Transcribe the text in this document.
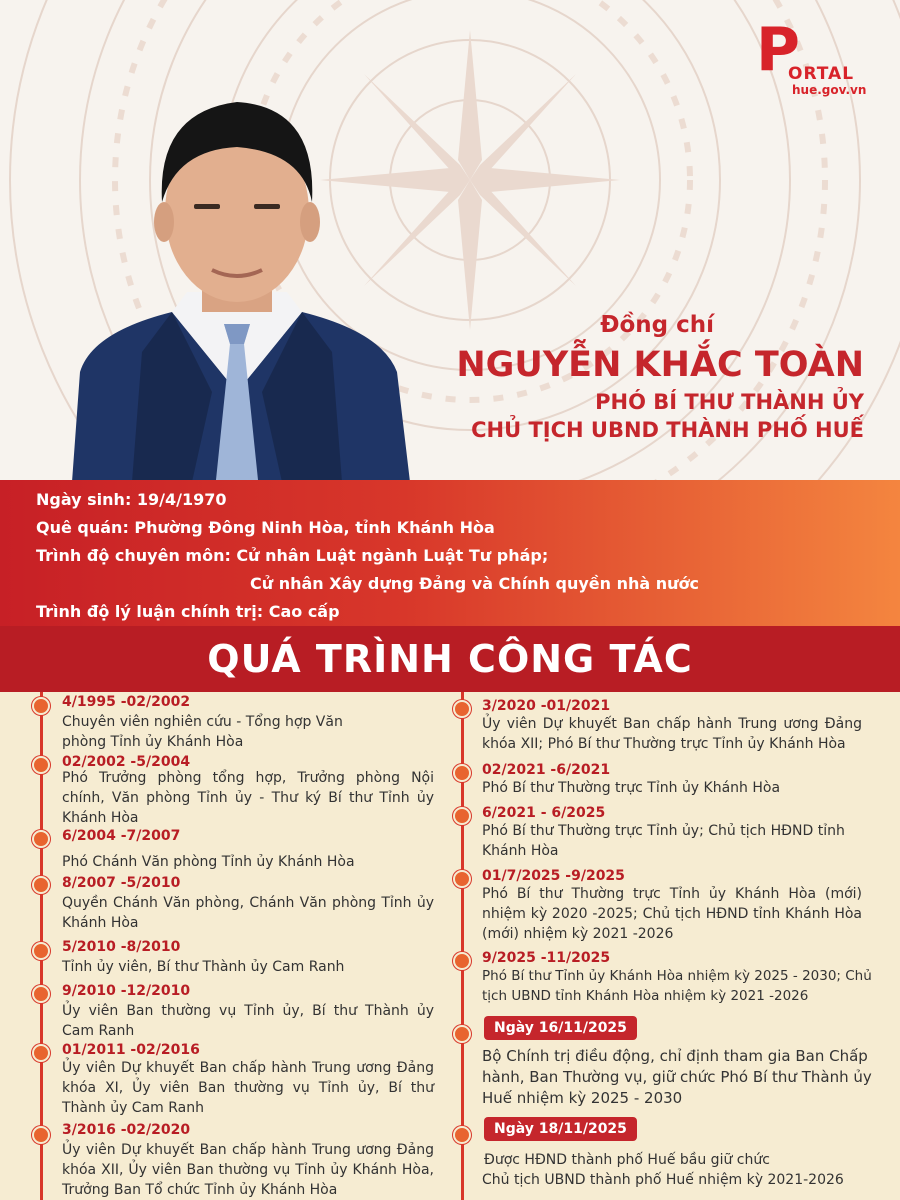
P
ORTAL
hue.gov.vn
Đồng chí
NGUYỄN KHẮC TOÀN
PHÓ BÍ THƯ THÀNH ỦY
CHỦ TỊCH UBND THÀNH PHỐ HUẾ
Ngày sinh: 19/4/1970
Quê quán: Phường Đông Ninh Hòa, tỉnh Khánh Hòa
Trình độ chuyên môn: Cử nhân Luật ngành Luật Tư pháp;
Cử nhân Xây dựng Đảng và Chính quyền nhà nước
Trình độ lý luận chính trị: Cao cấp
QUÁ TRÌNH CÔNG TÁC
4/1995 -02/2002
Chuyên viên nghiên cứu - Tổng hợp Văn phòng Tỉnh ủy Khánh Hòa
02/2002 -5/2004
Phó Trưởng phòng tổng hợp, Trưởng phòng Nội chính, Văn phòng Tỉnh ủy - Thư ký Bí thư Tỉnh ủy Khánh Hòa
6/2004 -7/2007
Phó Chánh Văn phòng Tỉnh ủy Khánh Hòa
8/2007 -5/2010
Quyền Chánh Văn phòng, Chánh Văn phòng Tỉnh ủy Khánh Hòa
5/2010 -8/2010
Tỉnh ủy viên, Bí thư Thành ủy Cam Ranh
9/2010 -12/2010
Ủy viên Ban thường vụ Tỉnh ủy, Bí thư Thành ủy Cam Ranh
01/2011 -02/2016
Ủy viên Dự khuyết Ban chấp hành Trung ương Đảng khóa XI, Ủy viên Ban thường vụ Tỉnh ủy, Bí thư Thành ủy Cam Ranh
3/2016 -02/2020
Ủy viên Dự khuyết Ban chấp hành Trung ương Đảng khóa XII, Ủy viên Ban thường vụ Tỉnh ủy Khánh Hòa, Trưởng Ban Tổ chức Tỉnh ủy Khánh Hòa
3/2020 -01/2021
Ủy viên Dự khuyết Ban chấp hành Trung ương Đảng khóa XII; Phó Bí thư Thường trực Tỉnh ủy Khánh Hòa
02/2021 -6/2021
Phó Bí thư Thường trực Tỉnh ủy Khánh Hòa
6/2021 - 6/2025
Phó Bí thư Thường trực Tỉnh ủy; Chủ tịch HĐND tỉnh Khánh Hòa
01/7/2025 -9/2025
Phó Bí thư Thường trực Tỉnh ủy Khánh Hòa (mới) nhiệm kỳ 2020 -2025; Chủ tịch HĐND tỉnh Khánh Hòa (mới) nhiệm kỳ 2021 -2026
9/2025 -11/2025
Phó Bí thư Tỉnh ủy Khánh Hòa nhiệm kỳ 2025 - 2030; Chủ tịch UBND tỉnh Khánh Hòa nhiệm kỳ 2021 -2026
Ngày 16/11/2025
Bộ Chính trị điều động, chỉ định tham gia Ban Chấp hành, Ban Thường vụ, giữ chức Phó Bí thư Thành ủy Huế nhiệm kỳ 2025 - 2030
Ngày 18/11/2025
Được HĐND thành phố Huế bầu giữ chức
Chủ tịch UBND thành phố Huế nhiệm kỳ 2021-2026
